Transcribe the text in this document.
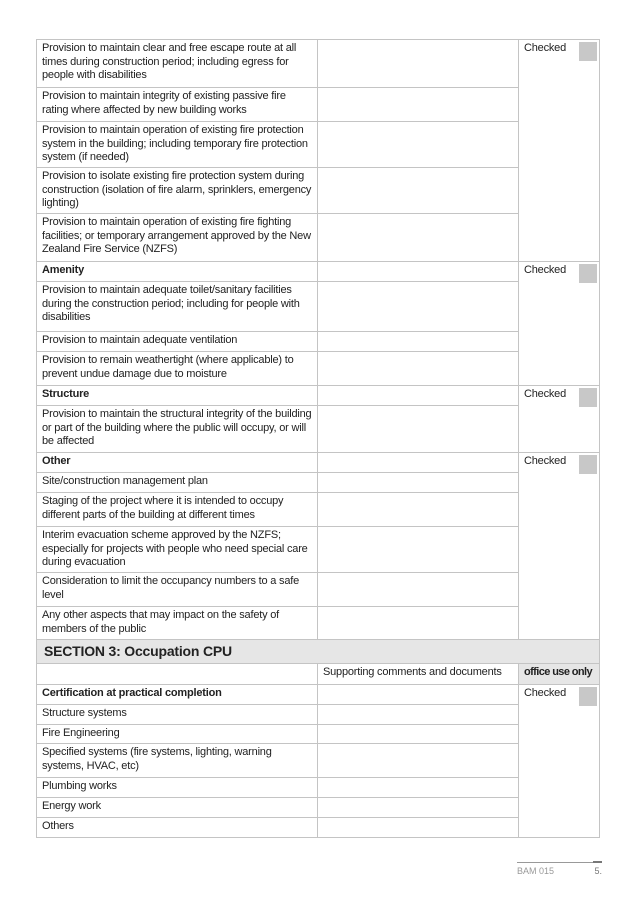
Provision to maintain clear and free escape route at all times during construction period; including egress for people with disabilities		Checked

Provision to maintain integrity of existing passive fire rating where affected by new building works		
Provision to maintain operation of existing fire protection system in the building; including temporary fire protection system (if needed)		
Provision to isolate existing fire protection system during construction (isolation of fire alarm, sprinklers, emergency lighting)		
Provision to maintain operation of existing fire fighting facilities; or temporary arrangement approved by the New Zealand Fire Service (NZFS)		
Amenity		Checked

Provision to maintain adequate toilet/sanitary facilities during the construction period; including for people with disabilities		
Provision to maintain adequate ventilation		
Provision to remain weathertight (where applicable) to prevent undue damage due to moisture		
Structure		Checked

Provision to maintain the structural integrity of the building or part of the building where the public will occupy, or will be affected		
Other		Checked

Site/construction management plan		
Staging of the project where it is intended to occupy different parts of the building at different times		
Interim evacuation scheme approved by the NZFS; especially for projects with people who need special care during evacuation		
Consideration to limit the occupancy numbers to a safe level		
Any other aspects that may impact on the safety of members of the public		
SECTION 3: Occupation CPU		
	Supporting comments and documents	office use only
Certification at practical completion		Checked

Structure systems		
Fire Engineering		
Specified systems (fire systems, lighting, warning systems, HVAC, etc)		
Plumbing works		
Energy work		
Others		
BAM 015	5.
